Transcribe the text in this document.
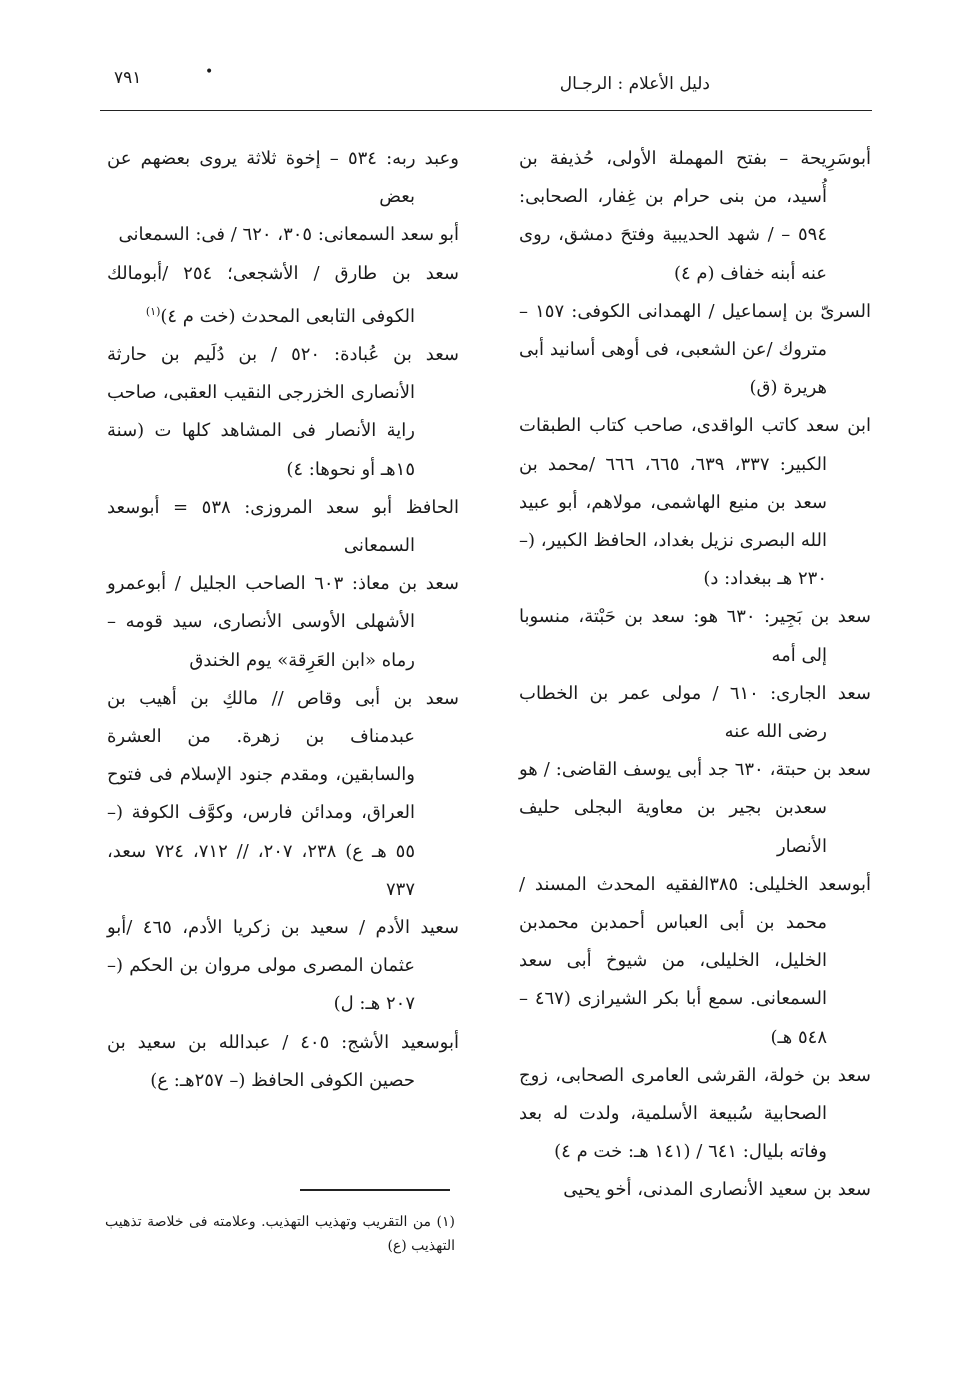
دليل الأعلام : الرجـال
•
٧٩١

أبوسَرِيحة – بفتح المهملة الأولى، حُذيفة بن أُسيد، من بنى حرام بن غِفار، الصحابى: ٥٩٤ – / شهد الحديبية وفتحَ دمشق، روى عنه أبنه خفاف (م ٤)

السرىّ بن إسماعيل / الهمدانى الكوفى: ١٥٧ – متروك /عن الشعبى، فى أوهى أسانيد أبى هريرة (ق)

ابن سعد كاتب الواقدى، صاحب كتاب الطبقات الكبير: ٣٣٧، ٦٣٩، ٦٦٥، ٦٦٦ /محمد بن سعد بن منيع الهاشمى، مولاهم، أبو عبيد الله البصرى نزيل بغداد، الحافظ الكبير، (– ٢٣٠ هـ ببغداد: د)

سعد بن بَجِير: ٦٣٠ هو: سعد بن حَبْتة، منسوبا إلى أمه

سعد الجارى: ٦١٠ / مولى عمر بن الخطاب رضى الله عنه

سعد بن حبتة، ٦٣٠ جد أبى يوسف القاضى: / هو سعدبن بجير بن معاوية البجلى حليف الأنصار

أبوسعد الخليلى: ٣٨٥الفقيه المحدث المسند / محمد بن أبى العباس أحمدبن محمدبن الخليل، الخليلى، من شيوخ أبى سعد السمعانى. سمع أبا بكر الشيرازى (٤٦٧ – ٥٤٨ هـ)

سعد بن خولة، القرشى العامرى الصحابى، زوج الصحابية سُبيعة الأسلمية، ولدت له بعد وفاته بليال: ٦٤١ / (١٤١ هـ: خت م ٤)

سعد بن سعيد الأنصارى المدنى، أخو يحيى

وعبد ربه: ٥٣٤ – إخوة ثلاثة يروى بعضهم عن بعض

أبو سعد السمعانى: ٣٠٥، ٦٢٠ / فى: السمعانى

سعد بن طارق / الأشجعى؛ ٢٥٤ /أبومالك الكوفى التابعى المحدث (خت م ٤)$^{(١)}$

سعد بن عُبادة: ٥٢٠ / بن دُلَيم بن حارثة الأنصارى الخزرجى النقيب العقبى، صاحب راية الأنصار فى المشاهد كلها ت (سنة ١٥هـ أو نحوها: ٤)

الحافظ أبو سعد المروزى: ٥٣٨ = أبوسعد السمعانى

سعد بن معاذ: ٦٠٣ الصاحب الجليل / أبوعمرو الأشهلى الأوسى الأنصارى، سيد قومه – رماه «ابن العَرِقة» يوم الخندق

سعد بن أبى وقاص // مالكِ بن أهيب بن عبدمناف بن زهرة. من العشرة والسابقين، ومقدم جنود الإسلام فى فتوح العراق، ومدائن فارس، وكوَّف الكوفة (– ٥٥ هـ ع) ٢٣٨، ٢٠٧، // ٧١٢، ٧٢٤ سعد، ٧٣٧

سعيد الأدم / سعيد بن زكريا الأدم، ٤٦٥ /أبو عثمان المصرى مولى مروان بن الحكم (– ٢٠٧ هـ: ل)

أبوسعيد الأشج: ٤٠٥ / عبدالله بن سعيد بن حصين الكوفى الحافظ (– ٢٥٧هـ: ع)

(١) من التقريب وتهذيب التهذيب. وعلامته فى خلاصة تذهيب التهذيب (ع)
